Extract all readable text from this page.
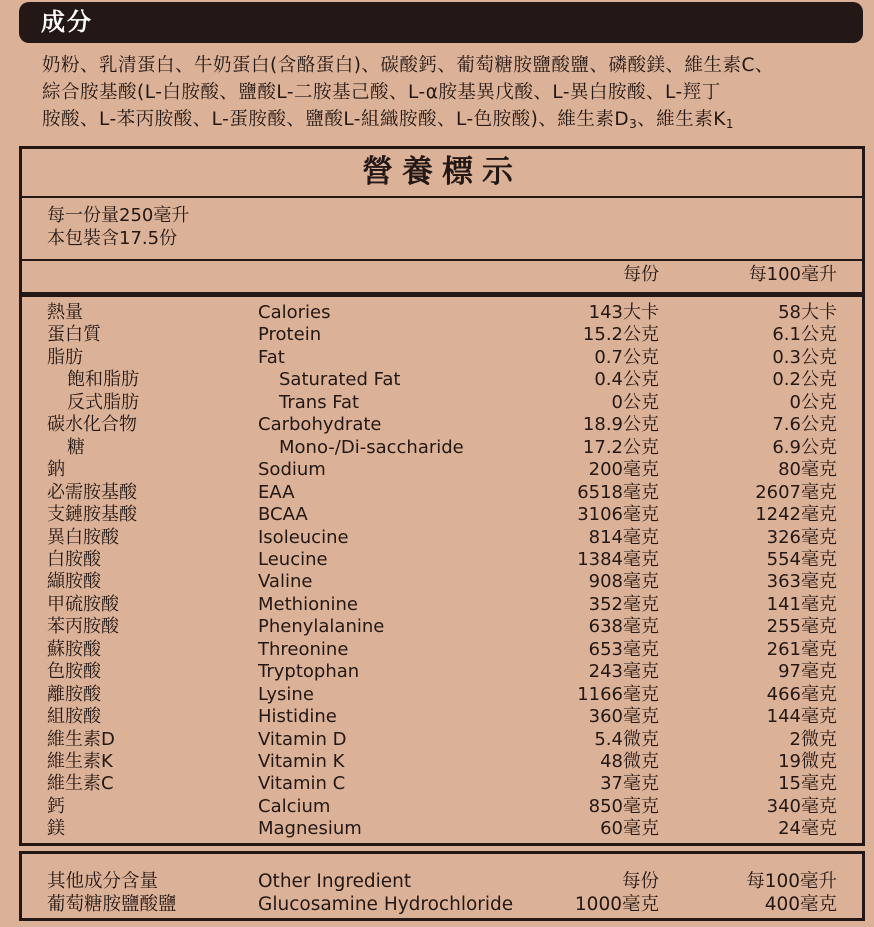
成分
奶粉、乳清蛋白、牛奶蛋白(含酪蛋白)、碳酸鈣、葡萄糖胺鹽酸鹽、磷酸鎂、維生素C、
綜合胺基酸(L-白胺酸、鹽酸L-二胺基己酸、L-α胺基異戊酸、L-異白胺酸、L-羥丁
胺酸、L-苯丙胺酸、L-蛋胺酸、鹽酸L-組織胺酸、L-色胺酸)、維生素$D_3$、維生素$K_1$
營養標示
每一份量250毫升
本包裝含17.5份
每份	每100毫升
熱量	Calories	143大卡	58大卡
蛋白質	Protein	15.2公克	6.1公克
脂肪	Fat	0.7公克	0.3公克
飽和脂肪	Saturated Fat	0.4公克	0.2公克
反式脂肪	Trans Fat	0公克	0公克
碳水化合物	Carbohydrate	18.9公克	7.6公克
糖	Mono-/Di-saccharide	17.2公克	6.9公克
鈉	Sodium	200毫克	80毫克
必需胺基酸	EAA	6518毫克	2607毫克
支鏈胺基酸	BCAA	3106毫克	1242毫克
異白胺酸	Isoleucine	814毫克	326毫克
白胺酸	Leucine	1384毫克	554毫克
纈胺酸	Valine	908毫克	363毫克
甲硫胺酸	Methionine	352毫克	141毫克
苯丙胺酸	Phenylalanine	638毫克	255毫克
蘇胺酸	Threonine	653毫克	261毫克
色胺酸	Tryptophan	243毫克	97毫克
離胺酸	Lysine	1166毫克	466毫克
組胺酸	Histidine	360毫克	144毫克
維生素D	Vitamin D	5.4微克	2微克
維生素K	Vitamin K	48微克	19微克
維生素C	Vitamin C	37毫克	15毫克
鈣	Calcium	850毫克	340毫克
鎂	Magnesium	60毫克	24毫克
其他成分含量	Other Ingredient	每份	每100毫升
葡萄糖胺鹽酸鹽	Glucosamine Hydrochloride	1000毫克	400毫克
